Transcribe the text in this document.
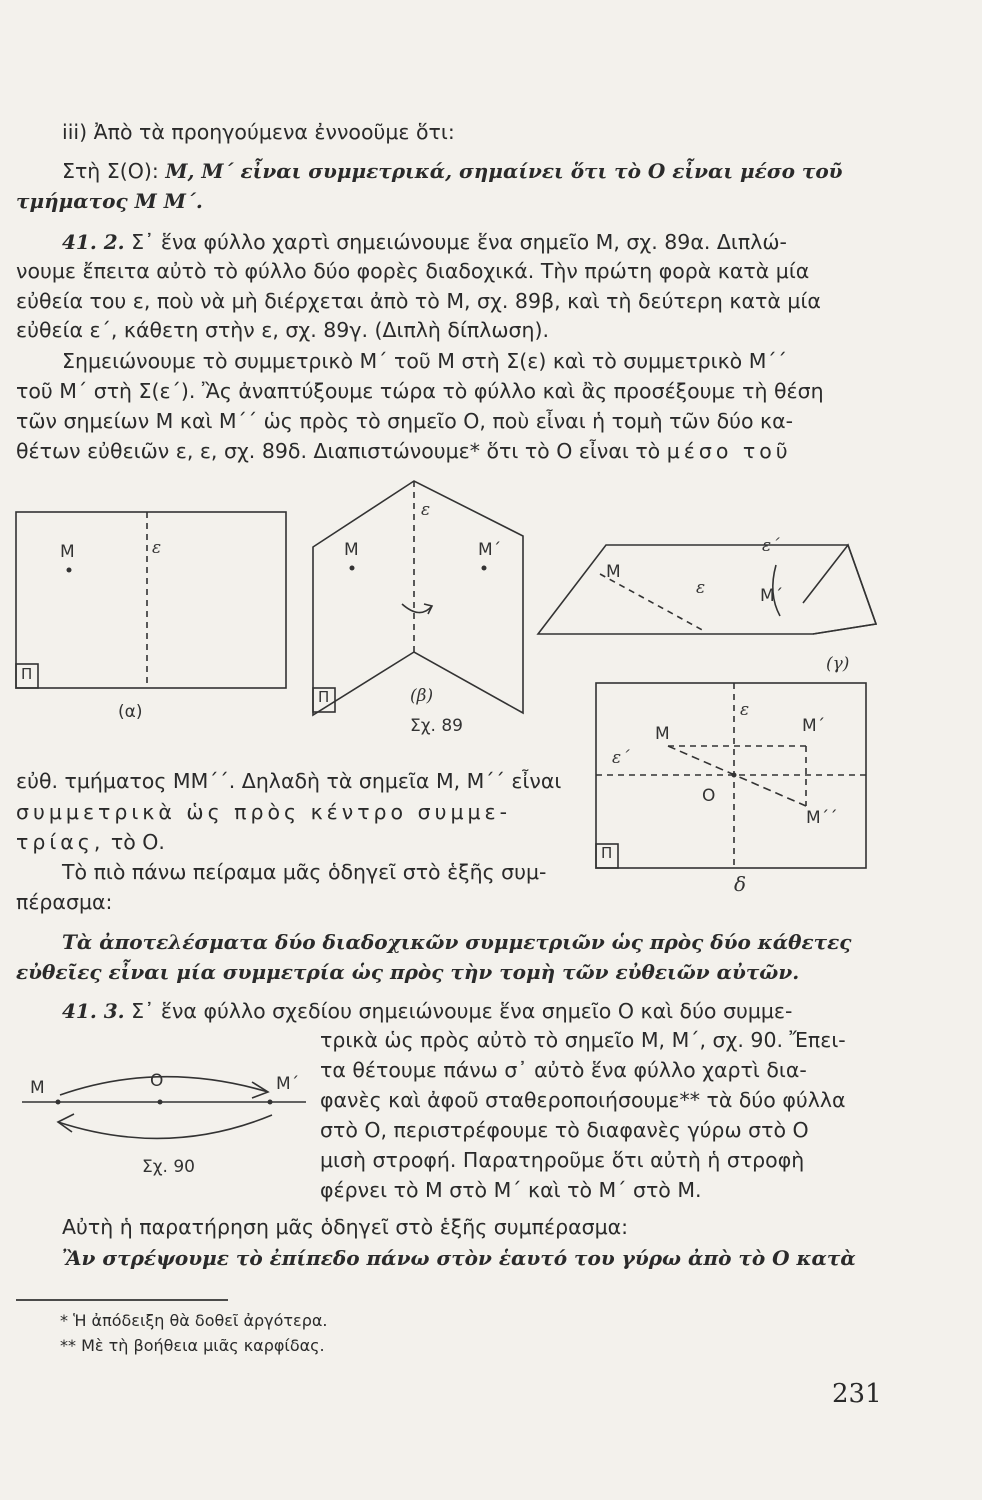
Μ	ε
Π
(α)
Μ	Μ΄
ε
Π	(β)
Σχ. 89
Μ
ε΄
ε	Μ΄
(γ)
ε
Μ	Μ΄
ε΄
Ο
Μ΄΄
Π
δ
Μ	Ο	Μ΄
Σχ. 90
iii) Ἀπὸ τὰ προηγούμενα ἐννοοῦμε ὅτι:
Στὴ Σ(Ο): Μ, Μ΄ εἶναι συμμετρικά, σημαίνει ὅτι τὸ Ο εἶναι μέσο τοῦ
τμήματος Μ Μ΄.
41. 2. Σ᾽ ἕνα φύλλο χαρτὶ σημειώνουμε ἕνα σημεῖο Μ, σχ. 89α. Διπλώ-
νουμε ἔπειτα αὐτὸ τὸ φύλλο δύο φορὲς διαδοχικά. Τὴν πρώτη φορὰ κατὰ μία
εὐθεία του ε, ποὺ νὰ μὴ διέρχεται ἀπὸ τὸ Μ, σχ. 89β, καὶ τὴ δεύτερη κατὰ μία
εὐθεία ε΄, κάθετη στὴν ε, σχ. 89γ. (Διπλὴ δίπλωση).
Σημειώνουμε τὸ συμμετρικὸ Μ΄ τοῦ Μ στὴ Σ(ε) καὶ τὸ συμμετρικὸ Μ΄΄
τοῦ Μ΄ στὴ Σ(ε΄). Ἂς ἀναπτύξουμε τώρα τὸ φύλλο καὶ ἂς προσέξουμε τὴ θέση
τῶν σημείων Μ καὶ Μ΄΄ ὡς πρὸς τὸ σημεῖο Ο, ποὺ εἶναι ἡ τομὴ τῶν δύο κα-
θέτων εὐθειῶν ε, ε, σχ. 89δ. Διαπιστώνουμε* ὅτι τὸ Ο εἶναι τὸ μέσο τοῦ
εὐθ. τμήματος ΜΜ΄΄. Δηλαδὴ τὰ σημεῖα Μ, Μ΄΄ εἶναι
συμμετρικὰ ὡς πρὸς κέντρο συμμε-
τρίας, τὸ Ο.
Τὸ πιὸ πάνω πείραμα μᾶς ὁδηγεῖ στὸ ἑξῆς συμ-
πέρασμα:
Τὰ ἀποτελέσματα δύο διαδοχικῶν συμμετριῶν ὡς πρὸς δύο κάθετες
εὐθεῖες εἶναι μία συμμετρία ὡς πρὸς τὴν τομὴ τῶν εὐθειῶν αὐτῶν.
41. 3. Σ᾽ ἕνα φύλλο σχεδίου σημειώνουμε ἕνα σημεῖο Ο καὶ δύο συμμε-
τρικὰ ὡς πρὸς αὐτὸ τὸ σημεῖο Μ, Μ΄, σχ. 90. Ἔπει-
τα θέτουμε πάνω σ᾽ αὐτὸ ἕνα φύλλο χαρτὶ δια-
φανὲς καὶ ἀφοῦ σταθεροποιήσουμε** τὰ δύο φύλλα
στὸ Ο, περιστρέφουμε τὸ διαφανὲς γύρω στὸ Ο
μισὴ στροφή. Παρατηροῦμε ὅτι αὐτὴ ἡ στροφὴ
φέρνει τὸ Μ στὸ Μ΄ καὶ τὸ Μ΄ στὸ Μ.
Αὐτὴ ἡ παρατήρηση μᾶς ὁδηγεῖ στὸ ἑξῆς συμπέρασμα:
Ἂν στρέψουμε τὸ ἐπίπεδο πάνω στὸν ἑαυτό του γύρω ἀπὸ τὸ Ο κατὰ
* Ἡ ἀπόδειξη θὰ δοθεῖ ἀργότερα.
** Μὲ τὴ βοήθεια μιᾶς καρφίδας.
231
